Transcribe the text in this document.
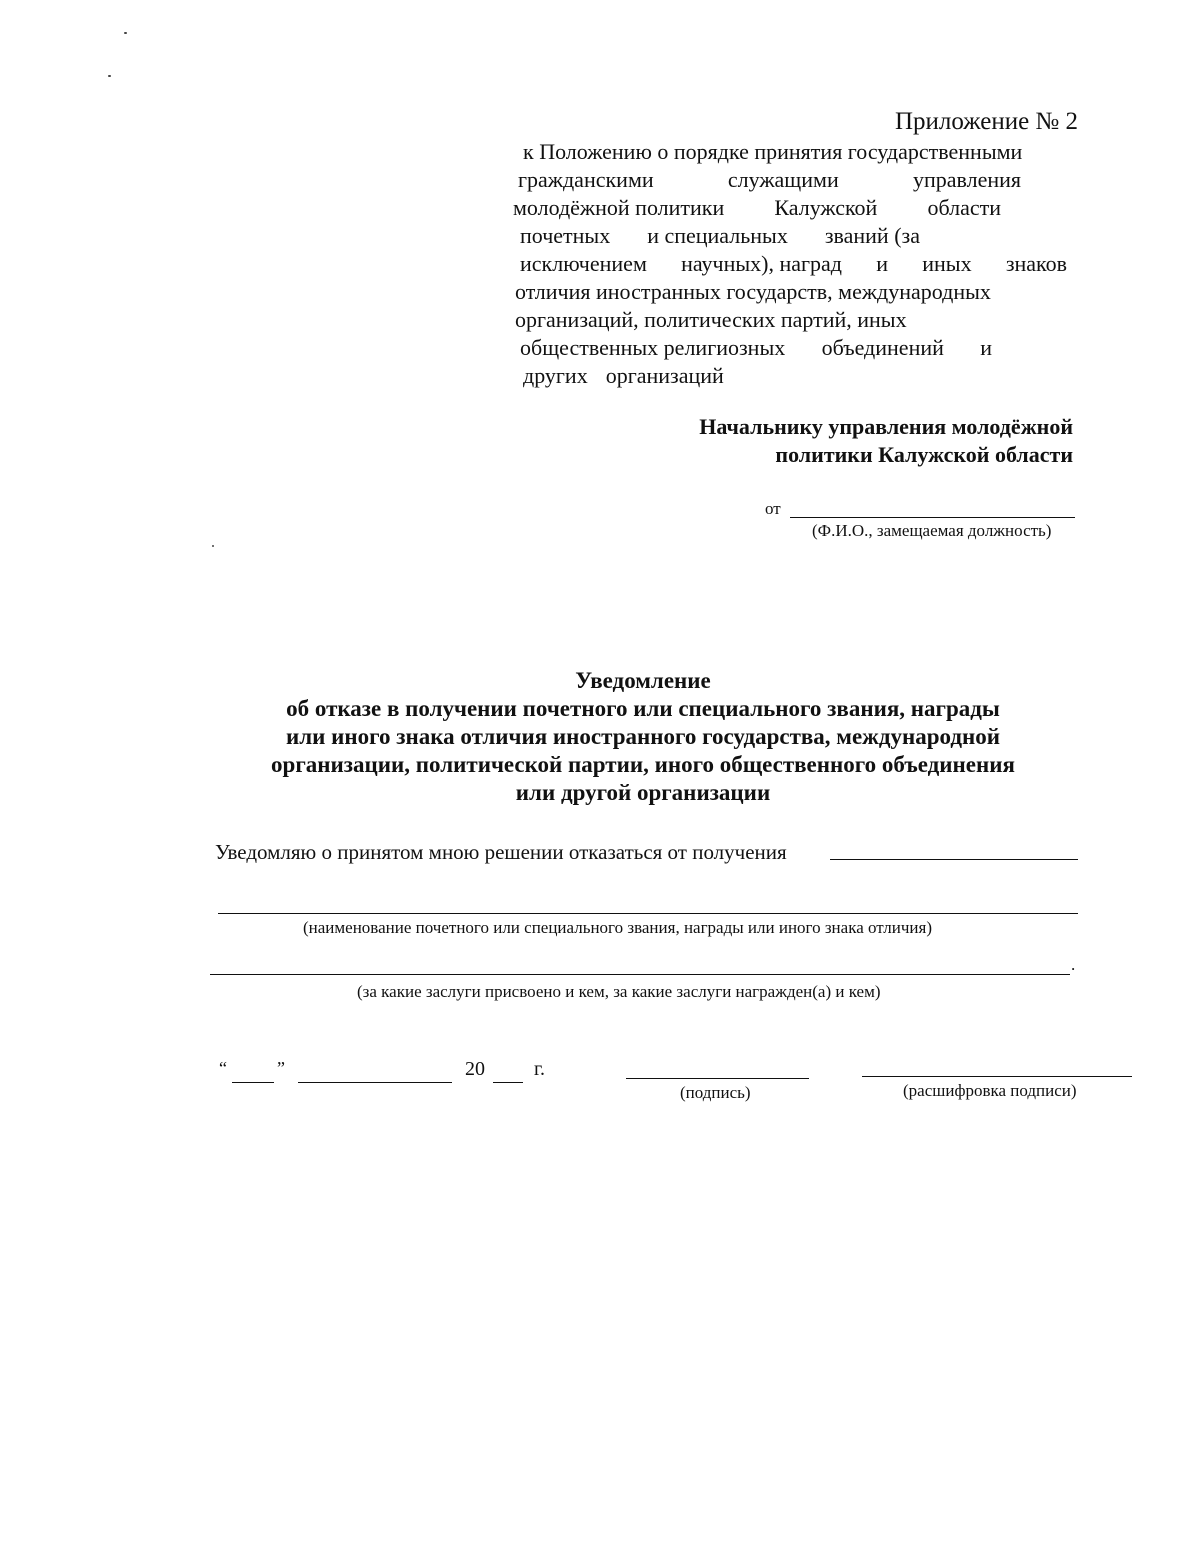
Приложение № 2
к Положению о порядке принятия государственными
гражданскими	служащими	управления
молодёжной политики Калужской области
почетных и специальных званий (за
исключением научных), наград и иных знаков
отличия иностранных государств, международных
организаций, политических партий, иных
общественных религиозных объединений и
других организаций
Начальнику управления молодёжной
политики Калужской области
от
(Ф.И.О., замещаемая должность)
Уведомление
об отказе в получении почетного или специального звания, награды
или иного знака отличия иностранного государства, международной
организации, политической партии, иного общественного объединения
или другой организации
Уведомляю о принятом мною решении отказаться от получения
(наименование почетного или специального звания, награды или иного знака отличия)
.
(за какие заслуги присвоено и кем, за какие заслуги награжден(а) и кем)
“	”	20 г.
(подпись)	(расшифровка подписи)
